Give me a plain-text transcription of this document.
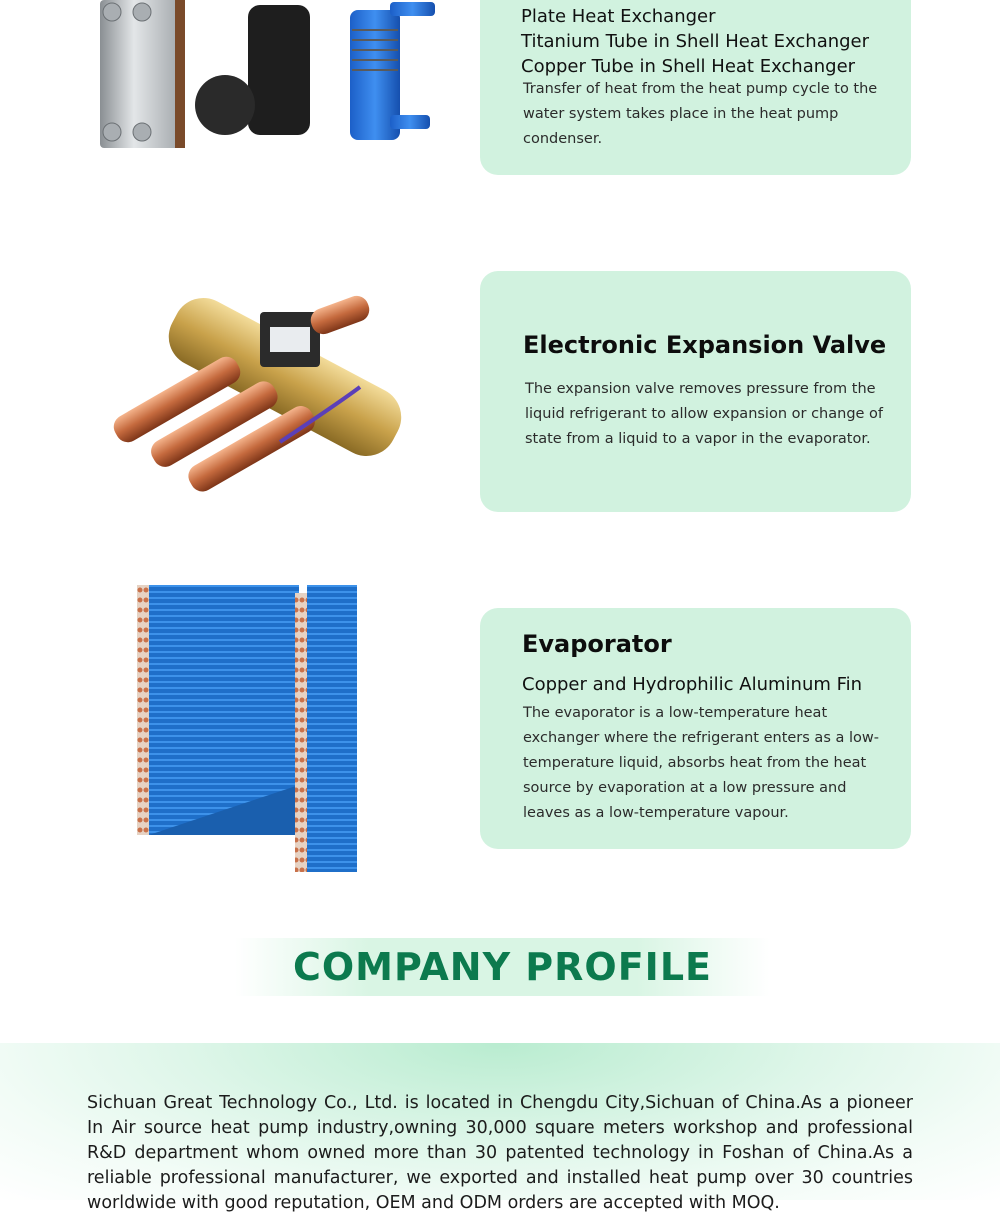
Plate Heat Exchanger
Titanium Tube in Shell Heat Exchanger
Copper Tube in Shell Heat Exchanger
Transfer of heat from the heat pump cycle to the water system takes place in the heat pump condenser.
Electronic Expansion Valve
The expansion valve removes pressure from the liquid refrigerant to allow expansion or change of state from a liquid to a vapor in the evaporator.
Evaporator
Copper and Hydrophilic Aluminum Fin
The evaporator is a low-temperature heat exchanger where the refrigerant enters as a low-temperature liquid, absorbs heat from the heat source by evaporation at a low pressure and leaves as a low-temperature vapour.
COMPANY PROFILE
Sichuan Great Technology Co., Ltd. is located in Chengdu City,Sichuan of China.As a pioneer In Air source heat pump industry,owning 30,000 square meters workshop and professional R&D department whom owned more than 30 patented technology in Foshan of China.As a reliable professional manufacturer, we exported and installed heat pump over 30 countries worldwide with good reputation, OEM and ODM orders are accepted with MOQ.
